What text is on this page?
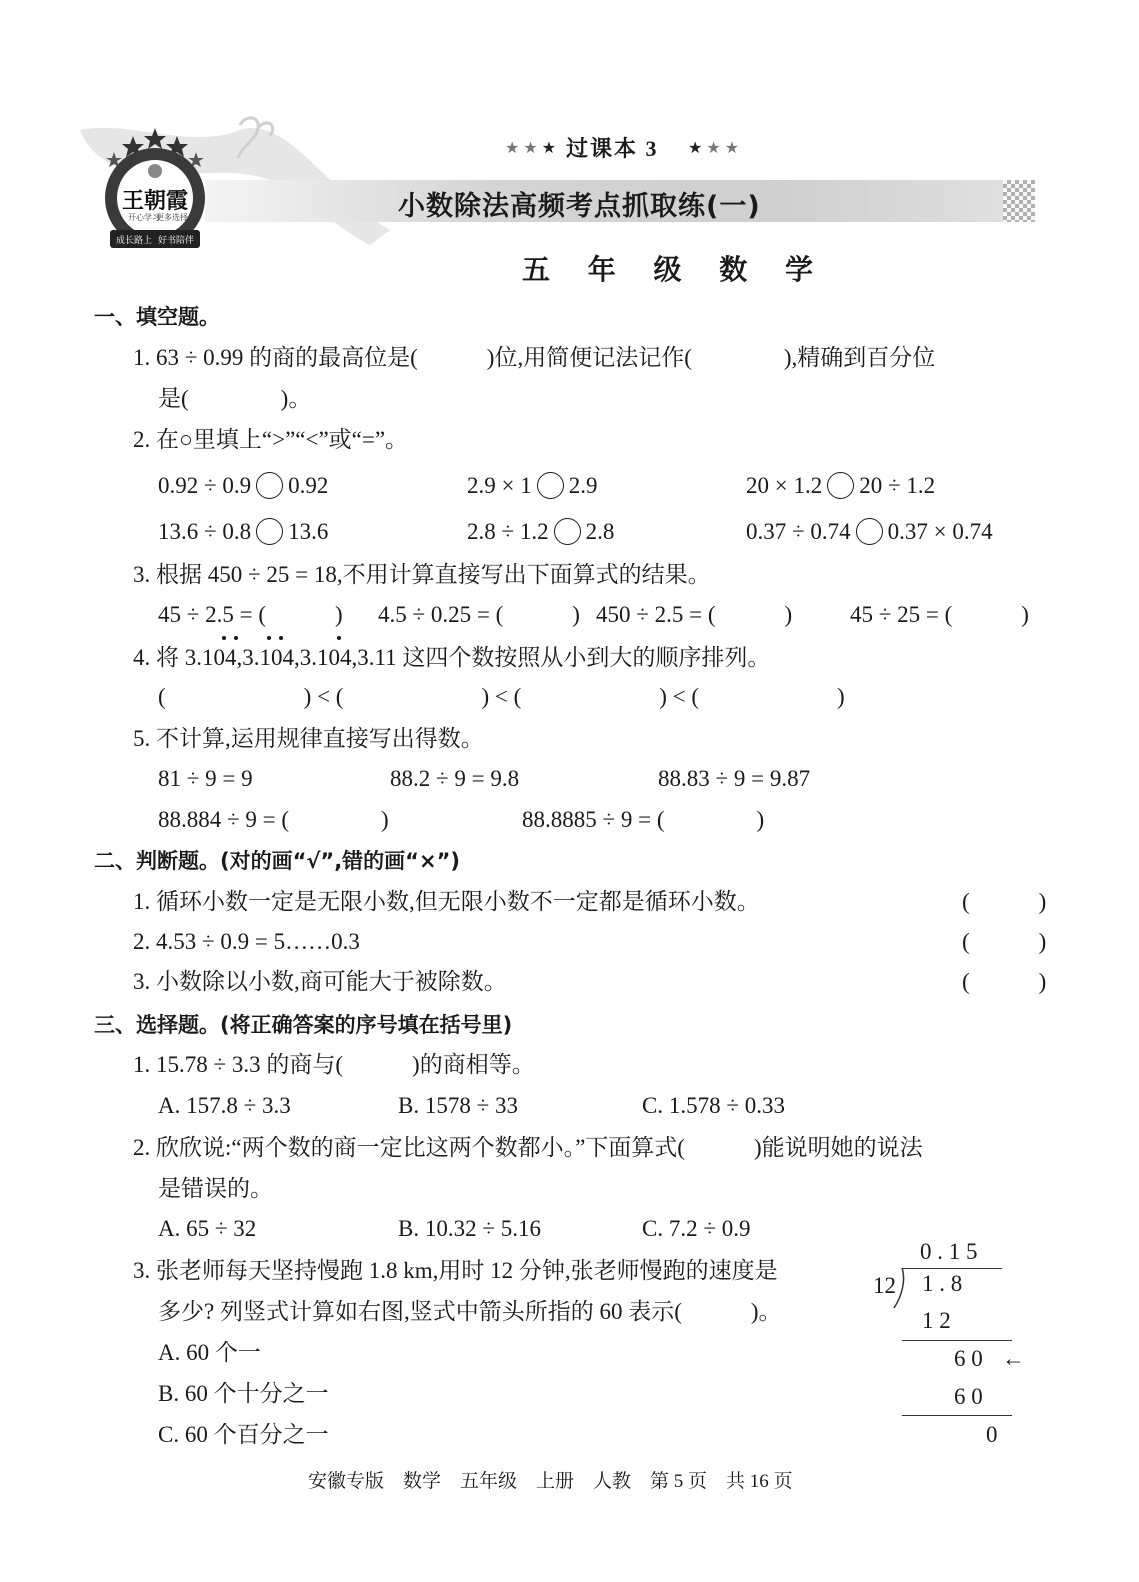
王朝霞
开心学习
更多选择
成长路上 好书陪伴
★★★ 过课本 3 ★★★
小数除法高频考点抓取练(一)
五 年 级 数 学
一、填空题。
1. 63 ÷ 0.99 的商的最高位是(　　　)位,用简便记法记作(　　　　),精确到百分位
是(　　　　)。
2. 在○里填上“>”“<”或“=”。
0.92 ÷ 0.9 0.92	2.9 × 1 2.9	20 × 1.2 20 ÷ 1.2
13.6 ÷ 0.8 13.6	2.8 ÷ 1.2 2.8	0.37 ÷ 0.74 0.37 × 0.74
3. 根据 450 ÷ 25 = 18,不用计算直接写出下面算式的结果。
45 ÷ 2.5 = (　　　) 4.5 ÷ 0.25 = (　　　) 450 ÷ 2.5 = (　　　)	45 ÷ 25 = (　　　)
4. 将 3.104
,3.104
,3.104
,3.11 这四个数按照从小到大的顺序排列。
(　　　　　　) < (　　　　　　) < (　　　　　　) < (　　　　　　)
5. 不计算,运用规律直接写出得数。
81 ÷ 9 = 9	88.2 ÷ 9 = 9.8	88.83 ÷ 9 = 9.87
88.884 ÷ 9 = (　　　　)	88.8885 ÷ 9 = (　　　　)
二、判断题。(对的画“√”,错的画“×”)
1. 循环小数一定是无限小数,但无限小数不一定都是循环小数。	(　　　)
2. 4.53 ÷ 0.9 = 5……0.3	(　　　)
3. 小数除以小数,商可能大于被除数。	(　　　)
三、选择题。(将正确答案的序号填在括号里)
1. 15.78 ÷ 3.3 的商与(　　　)的商相等。
A. 157.8 ÷ 3.3	B. 1578 ÷ 33	C. 1.578 ÷ 0.33
2. 欣欣说:“两个数的商一定比这两个数都小。”下面算式(　　　)能说明她的说法
是错误的。
A. 65 ÷ 32	B. 10.32 ÷ 5.16	C. 7.2 ÷ 0.9
3. 张老师每天坚持慢跑 1.8 km,用时 12 分钟,张老师慢跑的速度是
多少? 列竖式计算如右图,竖式中箭头所指的 60 表示(　　　)。
A. 60 个一
B. 60 个十分之一
C. 60 个百分之一
0 . 1 5
12 1 . 8
1 2
6 0 ←
6 0
0
安徽专版　数学　五年级　上册　人教　第 5 页　共 16 页
